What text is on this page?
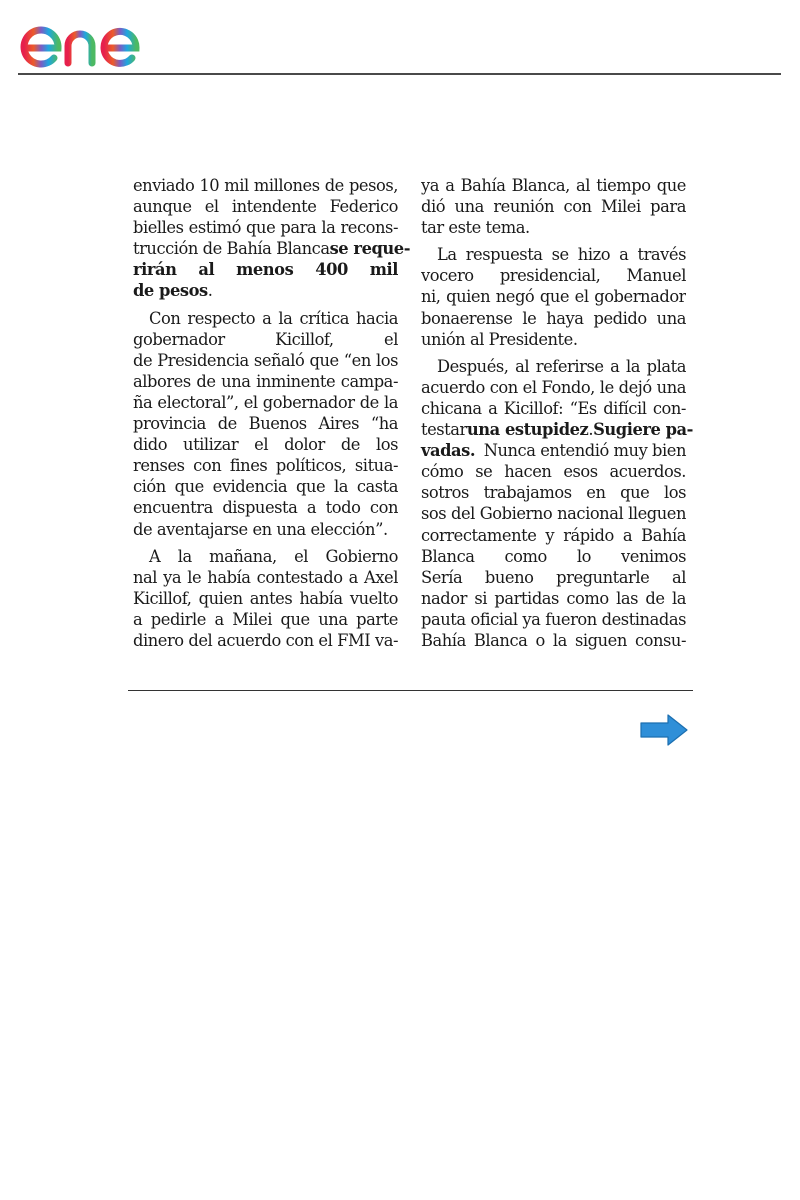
enviado 10 mil millones de pesos,
aunque el intendente Federico
bielles estimó que para la recons-
trucción de Bahía Blanca se reque-
rirán al menos 400 mil
de pesos.
Con respecto a la crítica hacia
gobernador Kicillof, el
de Presidencia señaló que “en los
albores de una inminente campa-
ña electoral”, el gobernador de la
provincia de Buenos Aires “ha
dido utilizar el dolor de los
renses con fines políticos, situa-
ción que evidencia que la casta
encuentra dispuesta a todo con
de aventajarse en una elección”.
A la mañana, el Gobierno
nal ya le había contestado a Axel
Kicillof, quien antes había vuelto
a pedirle a Milei que una parte
dinero del acuerdo con el FMI va-
ya a Bahía Blanca, al tiempo que
dió una reunión con Milei para
tar este tema.
La respuesta se hizo a través
vocero presidencial, Manuel
ni, quien negó que el gobernador
bonaerense le haya pedido una
unión al Presidente.
Después, al referirse a la plata
acuerdo con el Fondo, le dejó una
chicana a Kicillof: “Es difícil con-
testar una estupidez. Sugiere pa-
vadas. Nunca entendió muy bien
cómo se hacen esos acuerdos.
sotros trabajamos en que los
sos del Gobierno nacional lleguen
correctamente y rápido a Bahía
Blanca como lo venimos
Sería bueno preguntarle al
nador si partidas como las de la
pauta oficial ya fueron destinadas
Bahía Blanca o la siguen consu-
